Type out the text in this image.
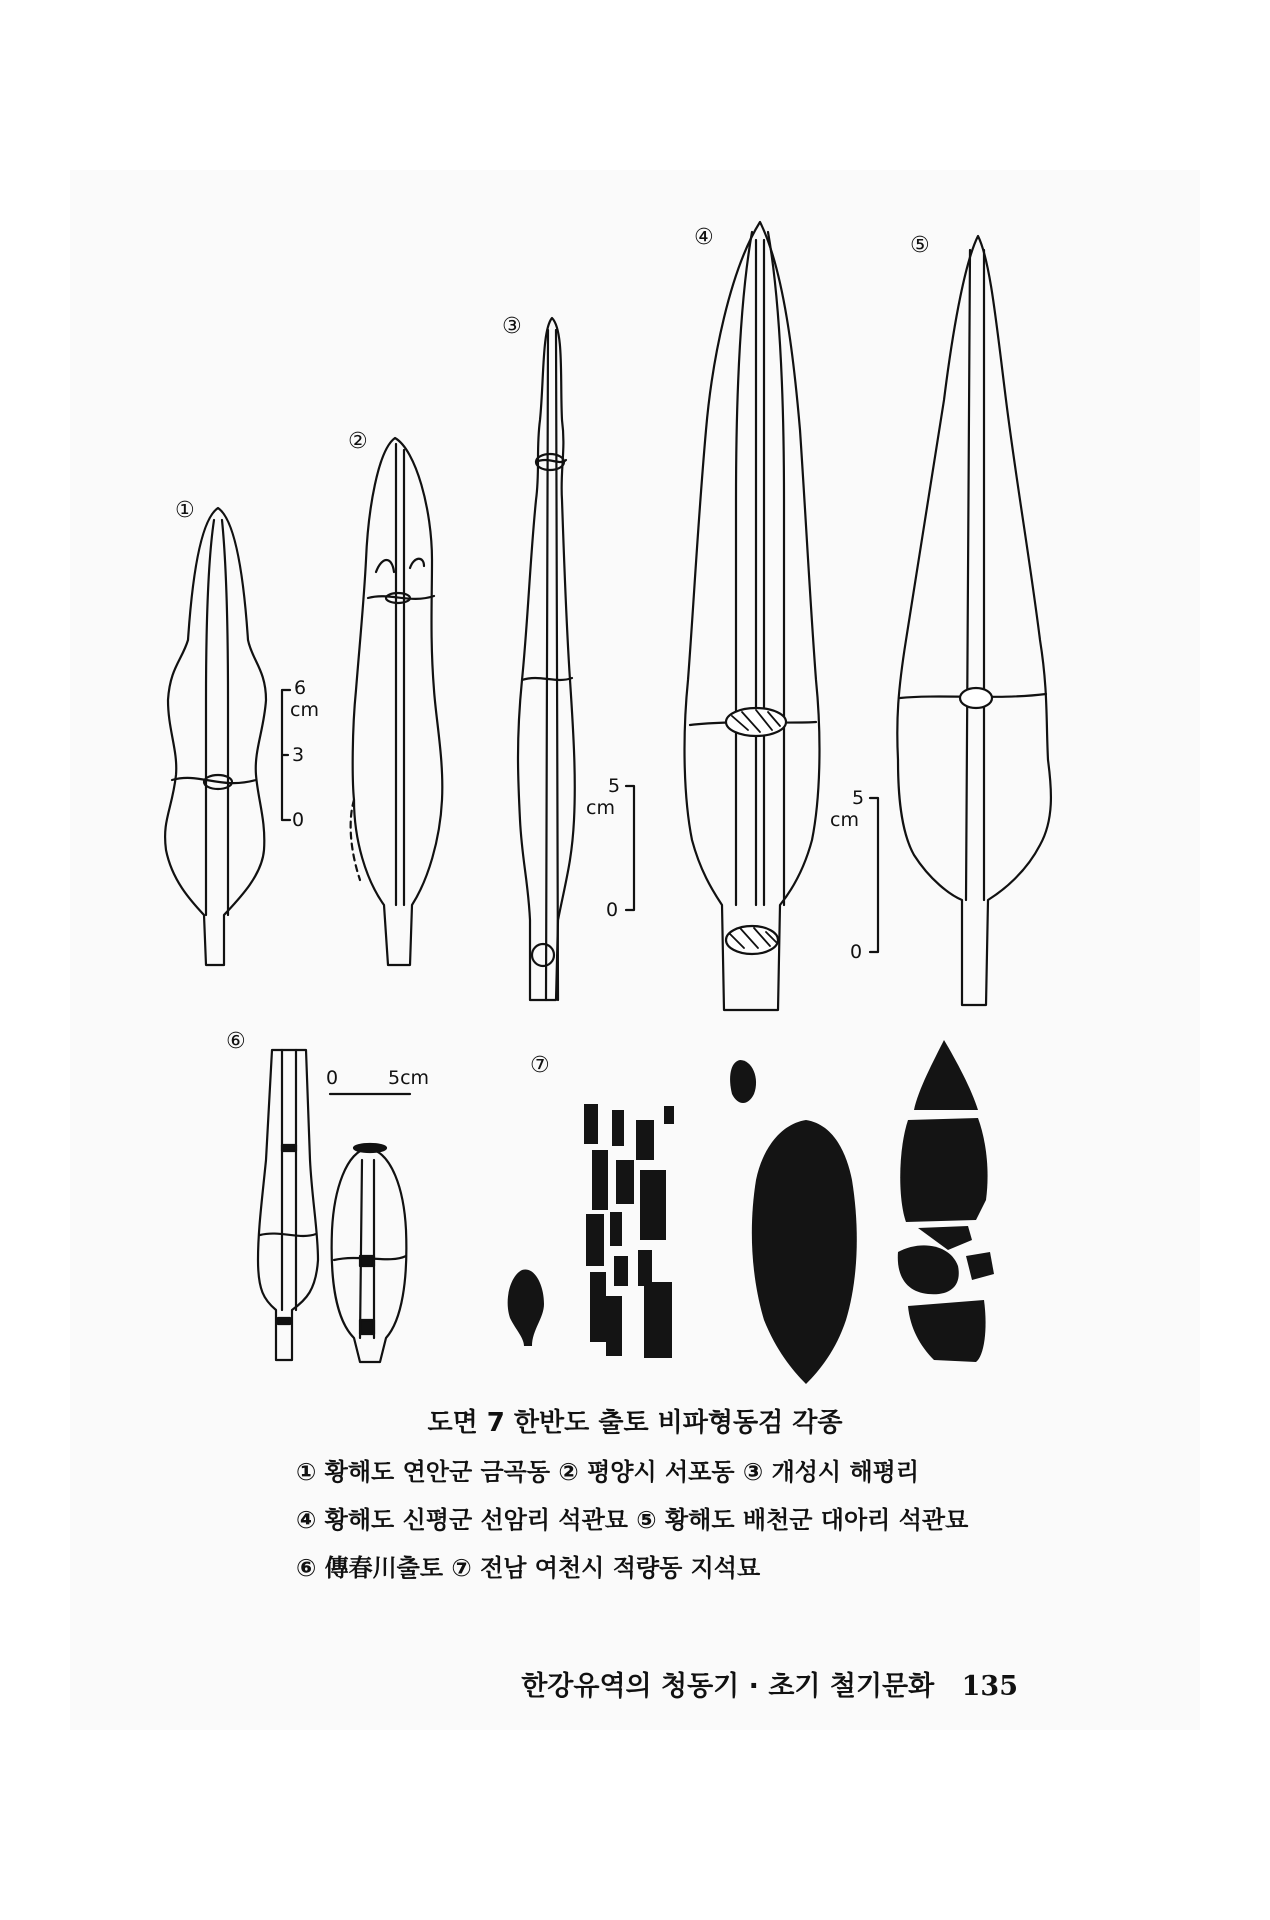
①
②
③
④	⑤
⑥
⑦
6
cm
3
0
5
cm
0
5
cm
0
0	5cm
도면 7 한반도 출토 비파형동검 각종
① 황해도 연안군 금곡동 ② 평양시 서포동 ③ 개성시 해평리
④ 황해도 신평군 선암리 석관묘 ⑤ 황해도 배천군 대아리 석관묘
⑥ 傳春川출토 ⑦ 전남 여천시 적량동 지석묘
한강유역의 청동기 · 초기 철기문화 135
